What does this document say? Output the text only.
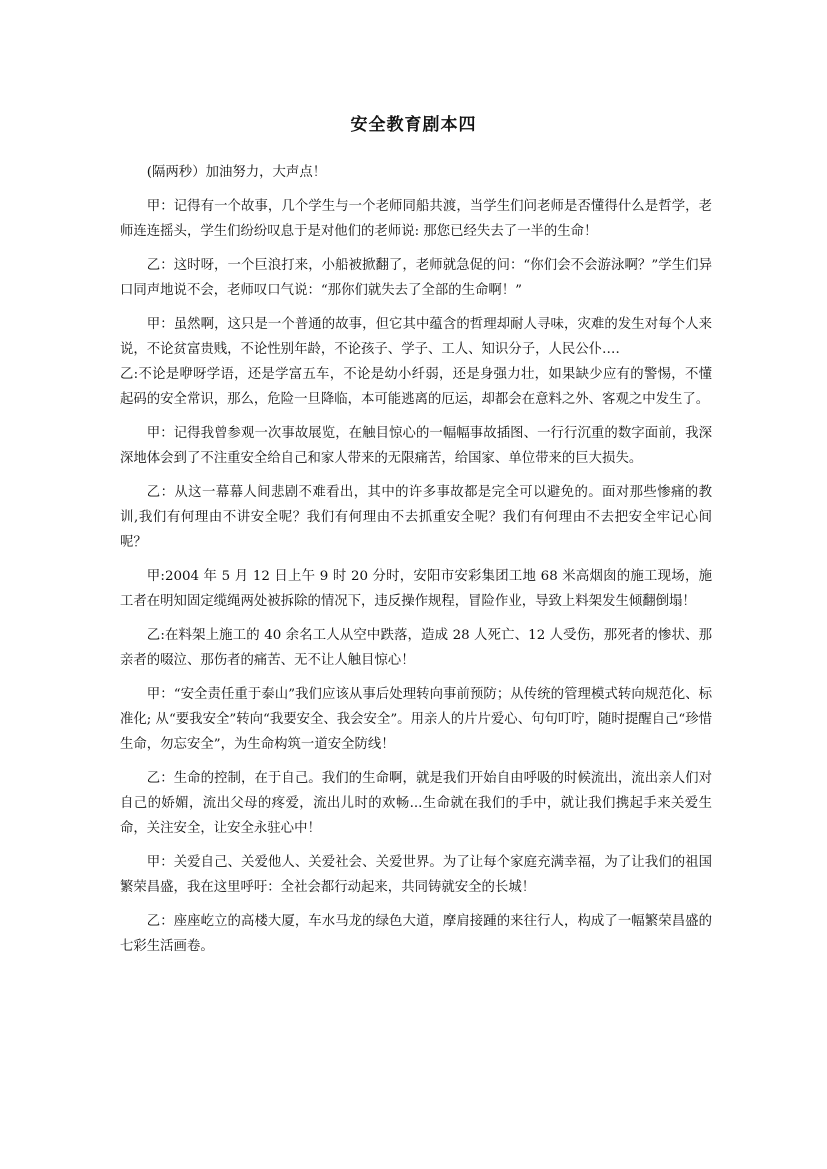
安全教育剧本四

(隔两秒）加油努力，大声点！

甲：记得有一个故事，几个学生与一个老师同船共渡，当学生们问老师是否懂得什么是哲学，老师连连摇头，学生们纷纷叹息于是对他们的老师说: 那您已经失去了一半的生命！

乙：这时呀，一个巨浪打来，小船被掀翻了，老师就急促的问：“你们会不会游泳啊？”学生们异口同声地说不会，老师叹口气说：“那你们就失去了全部的生命啊！”

甲：虽然啊，这只是一个普通的故事，但它其中蕴含的哲理却耐人寻味，灾难的发生对每个人来说，不论贫富贵贱，不论性别年龄，不论孩子、学子、工人、知识分子，人民公仆….

乙:不论是咿呀学语，还是学富五车，不论是幼小纤弱，还是身强力壮，如果缺少应有的警惕，不懂起码的安全常识，那么，危险一旦降临，本可能逃离的厄运，却都会在意料之外、客观之中发生了。

甲：记得我曾参观一次事故展览，在触目惊心的一幅幅事故插图、一行行沉重的数字面前，我深深地体会到了不注重安全给自己和家人带来的无限痛苦，给国家、单位带来的巨大损失。

乙：从这一幕幕人间悲剧不难看出，其中的许多事故都是完全可以避免的。面对那些惨痛的教训,我们有何理由不讲安全呢？我们有何理由不去抓重安全呢？我们有何理由不去把安全牢记心间呢？

甲:2004 年 5 月 12 日上午 9 时 20 分时，安阳市安彩集团工地 68 米高烟囱的施工现场，施工者在明知固定缆绳两处被拆除的情况下，违反操作规程，冒险作业，导致上料架发生倾翻倒塌！

乙:在料架上施工的 40 余名工人从空中跌落，造成 28 人死亡、12 人受伤，那死者的惨状、那亲者的啜泣、那伤者的痛苦、无不让人触目惊心！

甲：“安全责任重于泰山”我们应该从事后处理转向事前预防；从传统的管理模式转向规范化、标准化; 从“要我安全”转向“我要安全、我会安全”。用亲人的片片爱心、句句叮咛，随时提醒自己“珍惜生命，勿忘安全”，为生命构筑一道安全防线！

乙：生命的控制，在于自己。我们的生命啊，就是我们开始自由呼吸的时候流出，流出亲人们对自己的娇媚，流出父母的疼爱，流出儿时的欢畅...生命就在我们的手中，就让我们携起手来关爱生命，关注安全，让安全永驻心中！

甲：关爱自己、关爱他人、关爱社会、关爱世界。为了让每个家庭充满幸福，为了让我们的祖国繁荣昌盛，我在这里呼吁：全社会都行动起来，共同铸就安全的长城！

乙：座座屹立的高楼大厦，车水马龙的绿色大道，摩肩接踵的来往行人，构成了一幅繁荣昌盛的七彩生活画卷。
